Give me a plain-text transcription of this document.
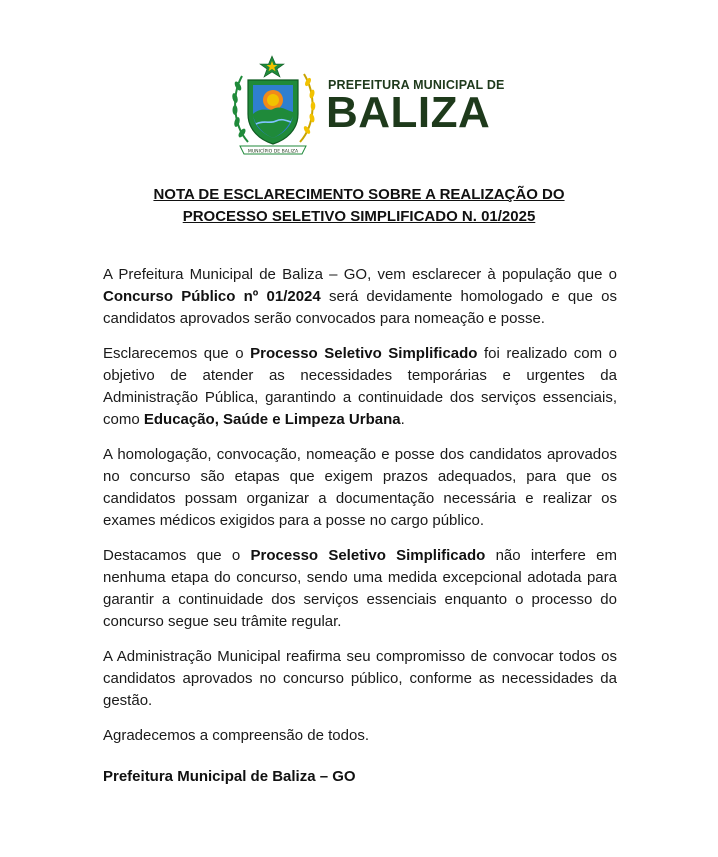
MUNICÍPIO DE BALIZA
PREFEITURA MUNICIPAL DE
BALIZA
NOTA DE ESCLARECIMENTO SOBRE A REALIZAÇÃO DO
PROCESSO SELETIVO SIMPLIFICADO N. 01/2025

A Prefeitura Municipal de Baliza – GO, vem esclarecer à população que o Concurso Público nº 01/2024 será devidamente homologado e que os candidatos aprovados serão convocados para nomeação e posse.

Esclarecemos que o Processo Seletivo Simplificado foi realizado com o objetivo de atender as necessidades temporárias e urgentes da Administração Pública, garantindo a continuidade dos serviços essenciais, como Educação, Saúde e Limpeza Urbana.

A homologação, convocação, nomeação e posse dos candidatos aprovados no concurso são etapas que exigem prazos adequados, para que os candidatos possam organizar a documentação necessária e realizar os exames médicos exigidos para a posse no cargo público.

Destacamos que o Processo Seletivo Simplificado não interfere em nenhuma etapa do concurso, sendo uma medida excepcional adotada para garantir a continuidade dos serviços essenciais enquanto o processo do concurso segue seu trâmite regular.

A Administração Municipal reafirma seu compromisso de convocar todos os candidatos aprovados no concurso público, conforme as necessidades da gestão.

Agradecemos a compreensão de todos.

Prefeitura Municipal de Baliza – GO
